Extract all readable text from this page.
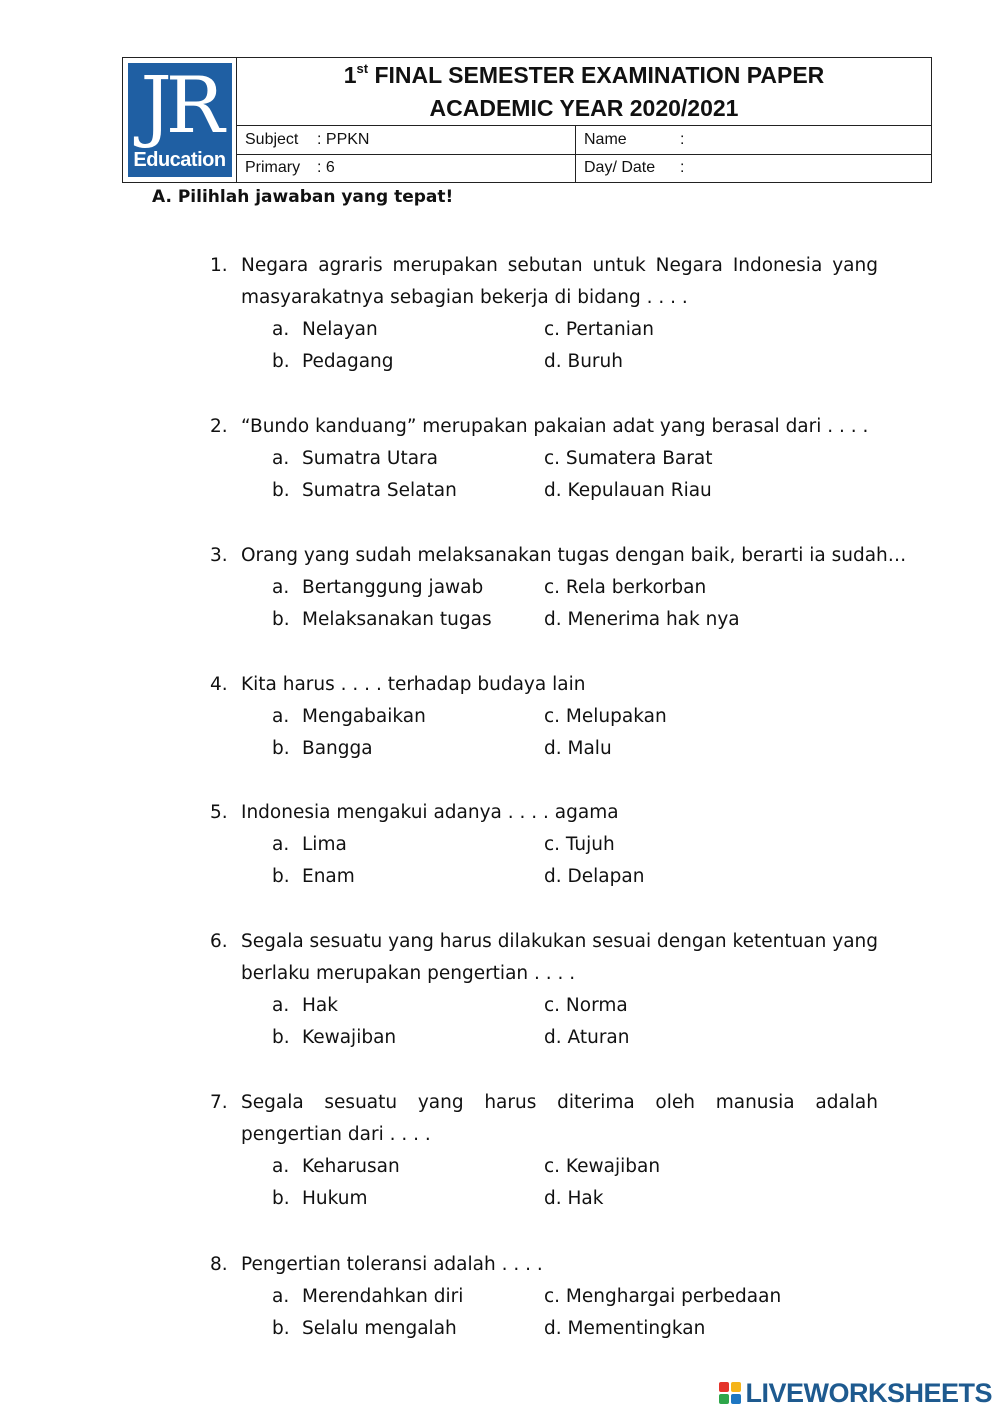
JR
Education
1st FINAL SEMESTER EXAMINATION PAPER
ACADEMIC YEAR 2020/2021
Subject	: PPKN	Name	:
Primary	: 6	Day/ Date	:
A. Pilihlah jawaban yang tepat!
1. Negara agraris merupakan sebutan untuk Negara Indonesia yang masyarakatnya sebagian bekerja di bidang . . . .
a. Nelayan
b. Pedagang
c. Pertanian
d. Buruh
2. “Bundo kanduang” merupakan pakaian adat yang berasal dari . . . .
a. Sumatra Utara
b. Sumatra Selatan
c. Sumatera Barat
d. Kepulauan Riau
3. Orang yang sudah melaksanakan tugas dengan baik, berarti ia sudah…
a. Bertanggung jawab
b. Melaksanakan tugas
c. Rela berkorban
d. Menerima hak nya
4. Kita harus . . . . terhadap budaya lain
a. Mengabaikan
b. Bangga
c. Melupakan
d. Malu
5. Indonesia mengakui adanya . . . . agama
a. Lima
b. Enam
c. Tujuh
d. Delapan
6. Segala sesuatu yang harus dilakukan sesuai dengan ketentuan yang berlaku merupakan pengertian . . . .
a. Hak
b. Kewajiban
c. Norma
d. Aturan
7. Segala sesuatu yang harus diterima oleh manusia adalah pengertian dari . . . .
a. Keharusan
b. Hukum
c. Kewajiban
d. Hak
8. Pengertian toleransi adalah . . . .
a. Merendahkan diri
b. Selalu mengalah
c. Menghargai perbedaan
d. Mementingkan
LIVEWORKSHEETS
